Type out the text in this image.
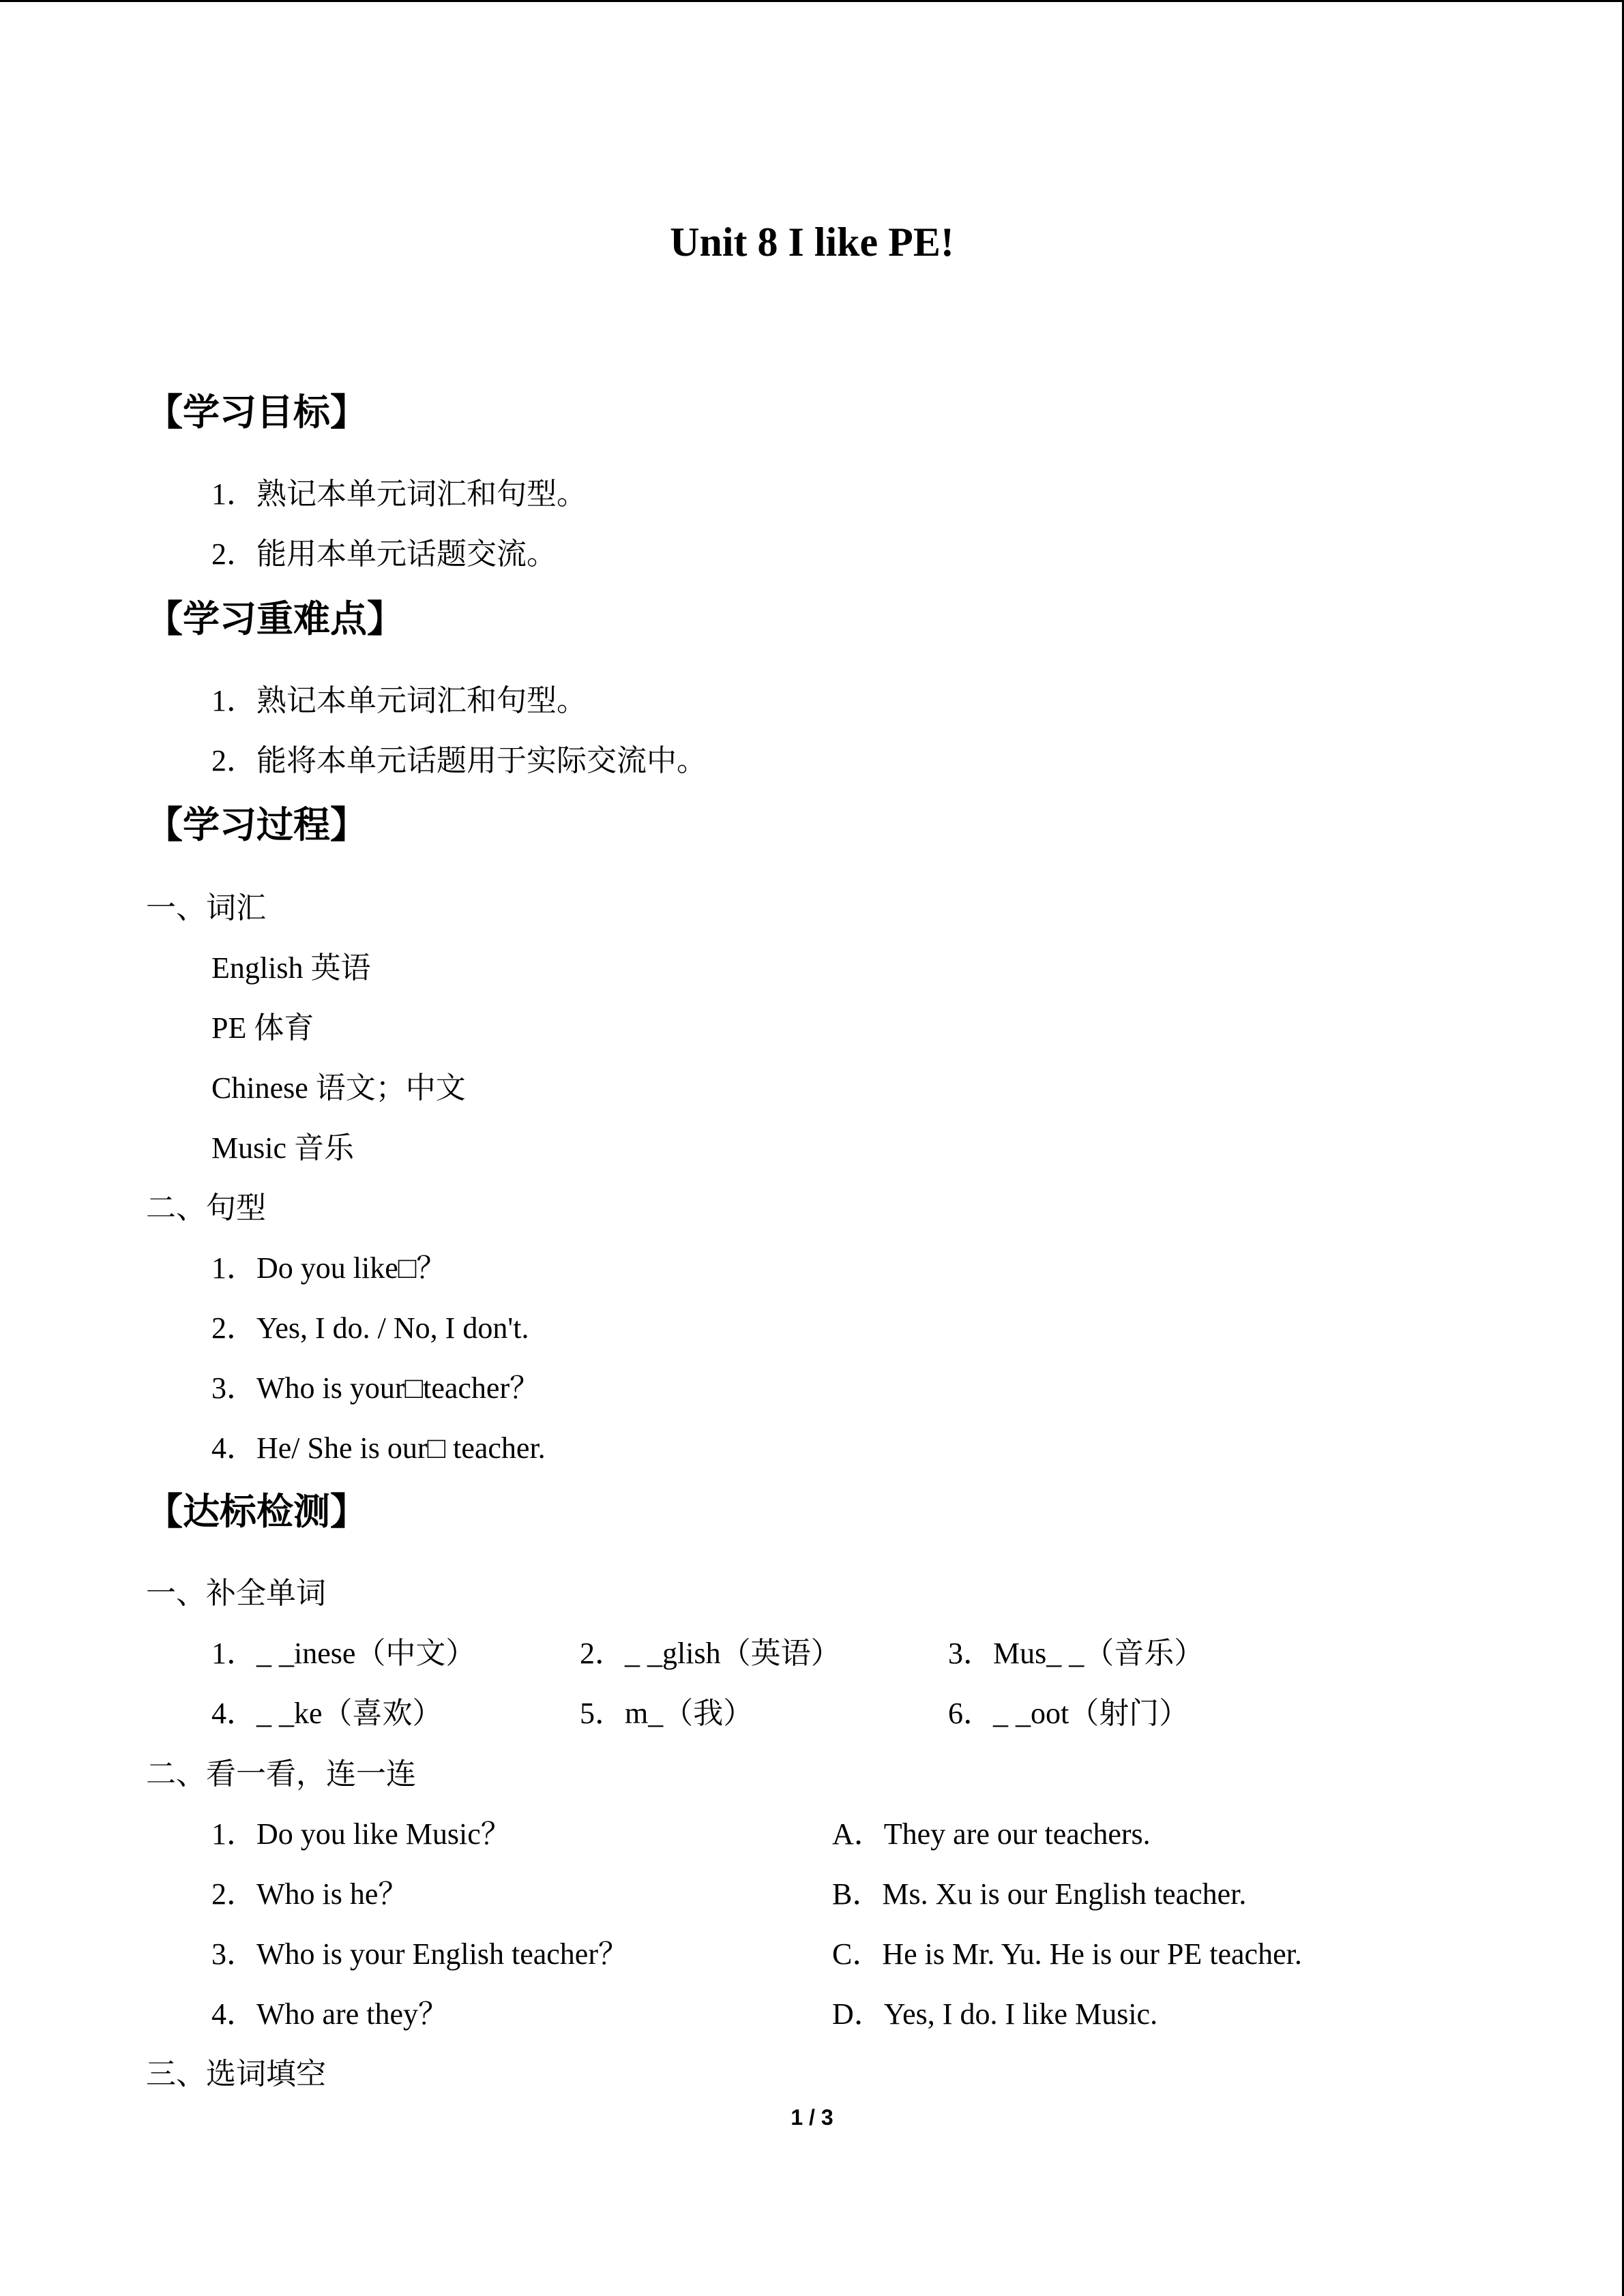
Unit 8 I like PE!
【学习目标】
1．熟记本单元词汇和句型。
2．能用本单元话题交流。
【学习重难点】
1．熟记本单元词汇和句型。
2．能将本单元话题用于实际交流中。
【学习过程】
一、词汇
English 英语
PE 体育
Chinese 语文；中文
Music 音乐
二、句型
1．Do you like□？
2．Yes, I do. / No, I don't.
3．Who is your□teacher？
4．He/ She is our□ teacher.
【达标检测】
一、补全单词
1．_ _inese（中文）	2．_ _glish（英语）	3．Mus_ _（音乐）
4．_ _ke（喜欢）	5．m_（我）	6．_ _oot（射门）
二、看一看，连一连
1．Do you like Music？	A．They are our teachers.
2．Who is he？	B．Ms. Xu is our English teacher.
3．Who is your English teacher？	C．He is Mr. Yu. He is our PE teacher.
4．Who are they？	D．Yes, I do. I like Music.
三、选词填空
1 / 3
